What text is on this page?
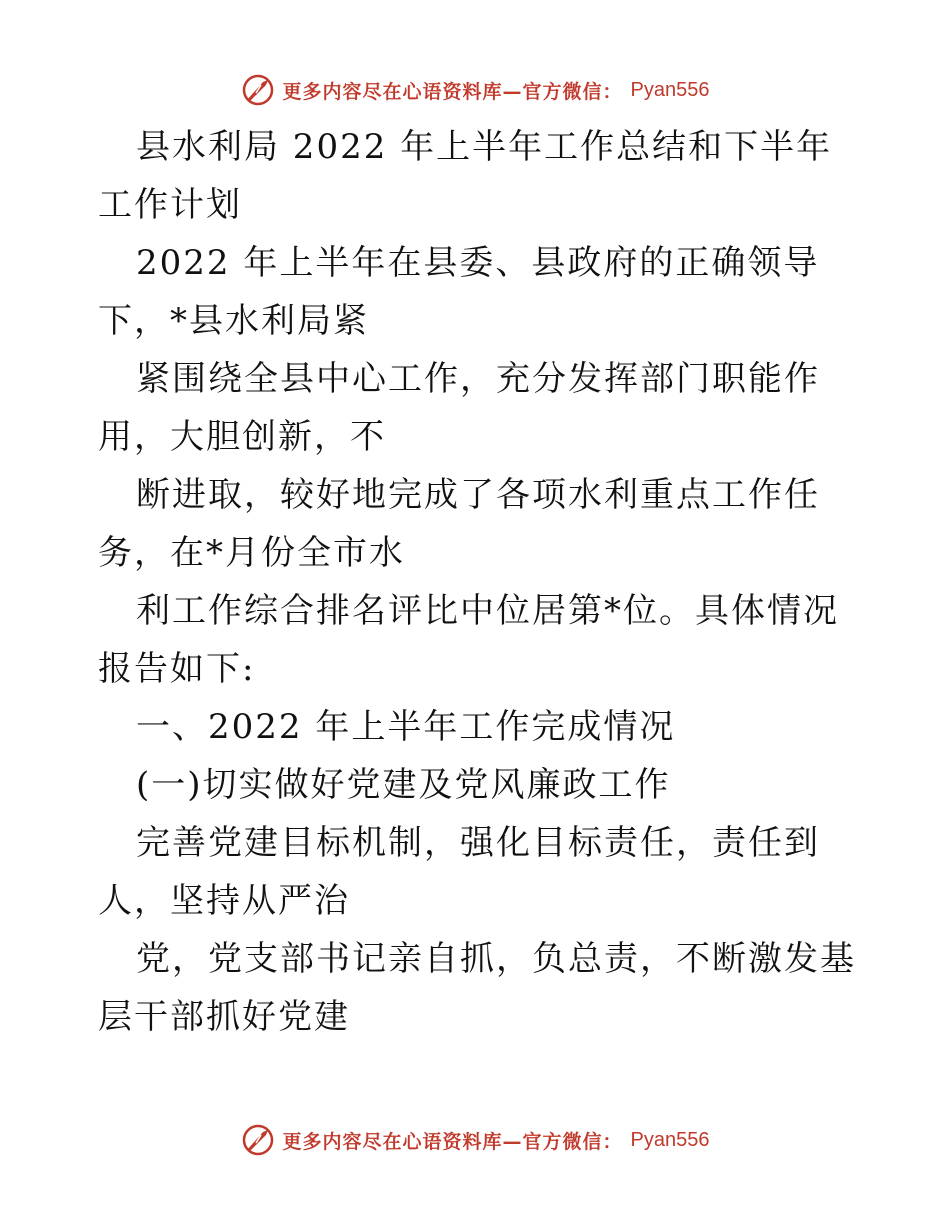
更多内容尽在心语资料库—官方微信： Pyan556

县水利局 2022 年上半年工作总结和下半年工作计划

2022 年上半年在县委、县政府的正确领导下，*县水利局紧

紧围绕全县中心工作，充分发挥部门职能作用，大胆创新，不

断进取，较好地完成了各项水利重点工作任务，在*月份全市水

利工作综合排名评比中位居第*位。具体情况报告如下:

一、2022 年上半年工作完成情况

(一)切实做好党建及党风廉政工作

完善党建目标机制，强化目标责任，责任到人，坚持从严治

党，党支部书记亲自抓，负总责，不断激发基层干部抓好党建

更多内容尽在心语资料库—官方微信： Pyan556
